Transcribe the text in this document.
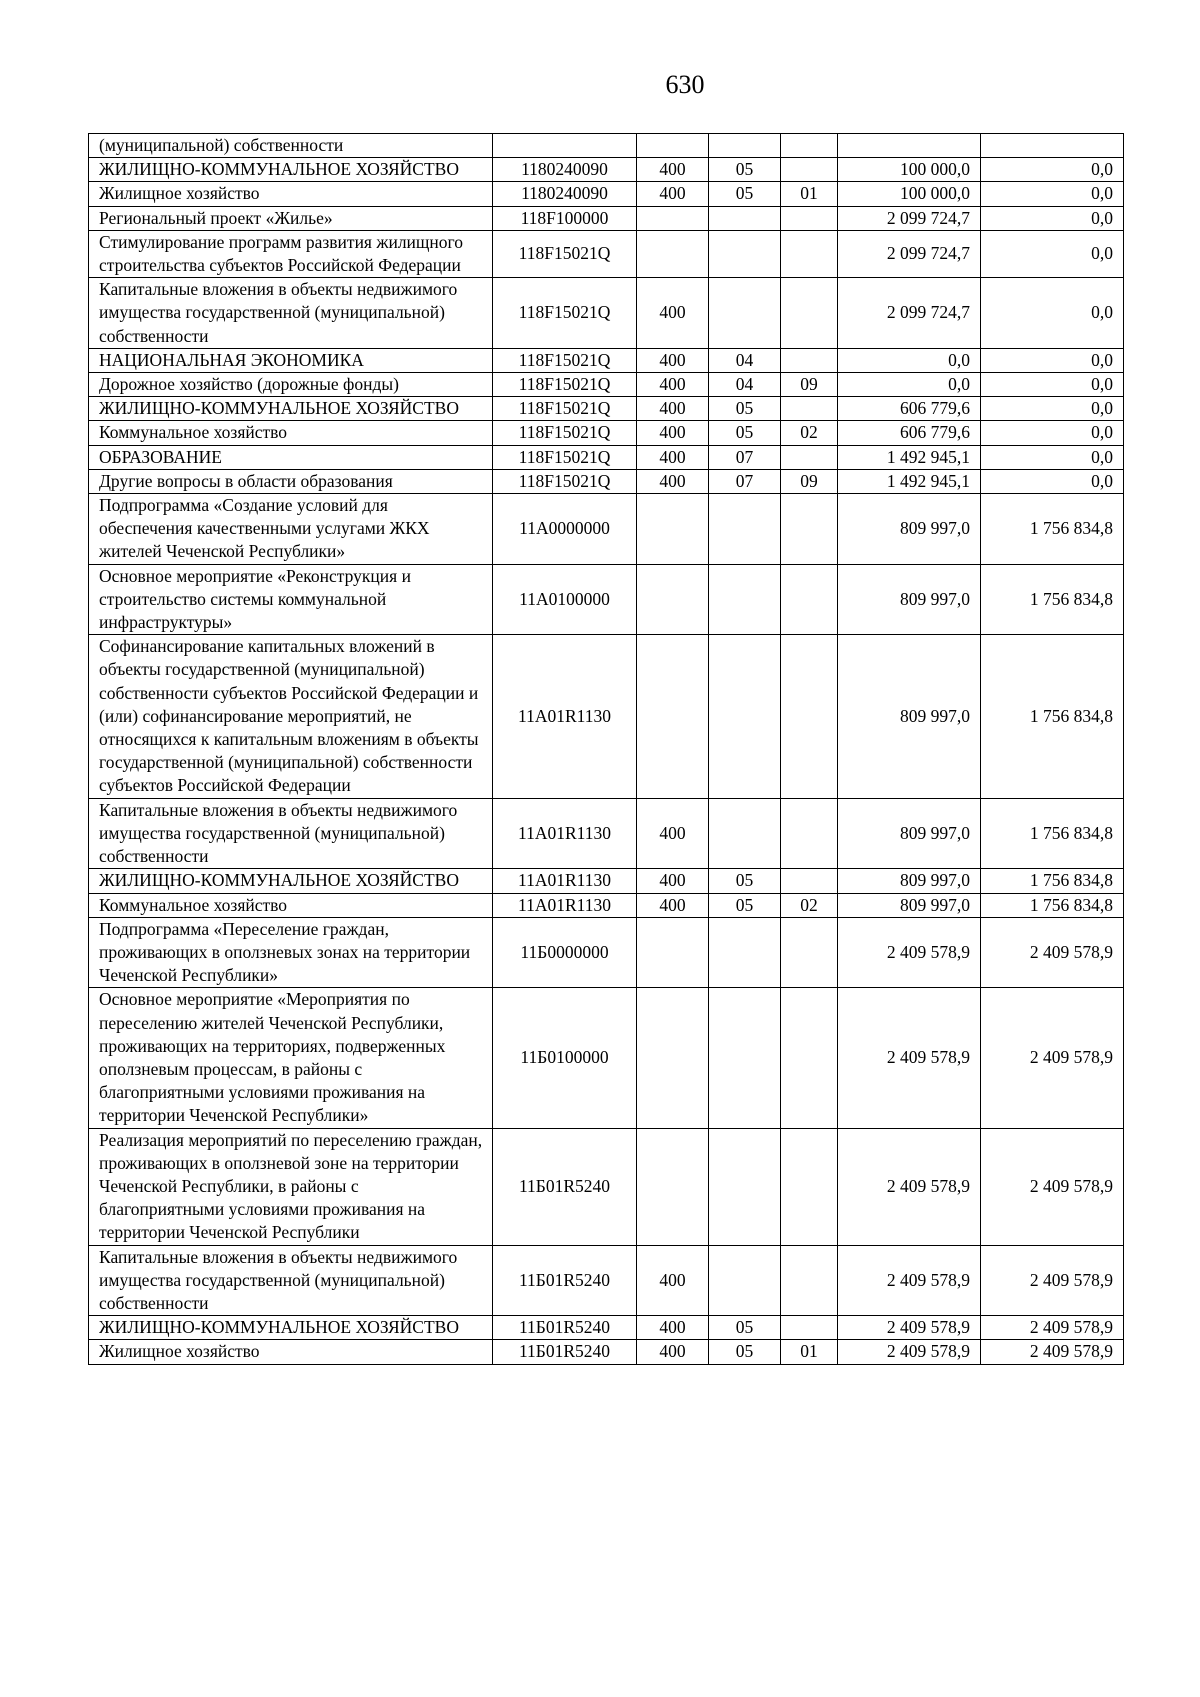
630
(муниципальной) собственности						
ЖИЛИЩНО-КОММУНАЛЬНОЕ ХОЗЯЙСТВО	1180240090	400	05		100 000,0	0,0
Жилищное хозяйство	1180240090	400	05	01	100 000,0	0,0
Региональный проект «Жилье»	118F100000				2 099 724,7	0,0
Стимулирование программ развития жилищного строительства субъектов Российской Федерации	118F15021Q				2 099 724,7	0,0
Капитальные вложения в объекты недвижимого имущества государственной (муниципальной) собственности	118F15021Q	400			2 099 724,7	0,0
НАЦИОНАЛЬНАЯ ЭКОНОМИКА	118F15021Q	400	04		0,0	0,0
Дорожное хозяйство (дорожные фонды)	118F15021Q	400	04	09	0,0	0,0
ЖИЛИЩНО-КОММУНАЛЬНОЕ ХОЗЯЙСТВО	118F15021Q	400	05		606 779,6	0,0
Коммунальное хозяйство	118F15021Q	400	05	02	606 779,6	0,0
ОБРАЗОВАНИЕ	118F15021Q	400	07		1 492 945,1	0,0
Другие вопросы в области образования	118F15021Q	400	07	09	1 492 945,1	0,0
Подпрограмма «Создание условий для обеспечения качественными услугами ЖКХ жителей Чеченской Республики»	11А0000000				809 997,0	1 756 834,8
Основное мероприятие «Реконструкция и строительство системы коммунальной инфраструктуры»	11А0100000				809 997,0	1 756 834,8
Софинансирование капитальных вложений в объекты государственной (муниципальной) собственности субъектов Российской Федерации и (или) софинансирование мероприятий, не относящихся к капитальным вложениям в объекты государственной (муниципальной) собственности субъектов Российской Федерации	11А01R1130				809 997,0	1 756 834,8
Капитальные вложения в объекты недвижимого имущества государственной (муниципальной) собственности	11А01R1130	400			809 997,0	1 756 834,8
ЖИЛИЩНО-КОММУНАЛЬНОЕ ХОЗЯЙСТВО	11А01R1130	400	05		809 997,0	1 756 834,8
Коммунальное хозяйство	11А01R1130	400	05	02	809 997,0	1 756 834,8
Подпрограмма «Переселение граждан, проживающих в оползневых зонах на территории Чеченской Республики»	11Б0000000				2 409 578,9	2 409 578,9
Основное мероприятие «Мероприятия по переселению жителей Чеченской Республики, проживающих на территориях, подверженных оползневым процессам, в районы с благоприятными условиями проживания на территории Чеченской Республики»	11Б0100000				2 409 578,9	2 409 578,9
Реализация мероприятий по переселению граждан, проживающих в оползневой зоне на территории Чеченской Республики, в районы с благоприятными условиями проживания на территории Чеченской Республики	11Б01R5240				2 409 578,9	2 409 578,9
Капитальные вложения в объекты недвижимого имущества государственной (муниципальной) собственности	11Б01R5240	400			2 409 578,9	2 409 578,9
ЖИЛИЩНО-КОММУНАЛЬНОЕ ХОЗЯЙСТВО	11Б01R5240	400	05		2 409 578,9	2 409 578,9
Жилищное хозяйство	11Б01R5240	400	05	01	2 409 578,9	2 409 578,9
